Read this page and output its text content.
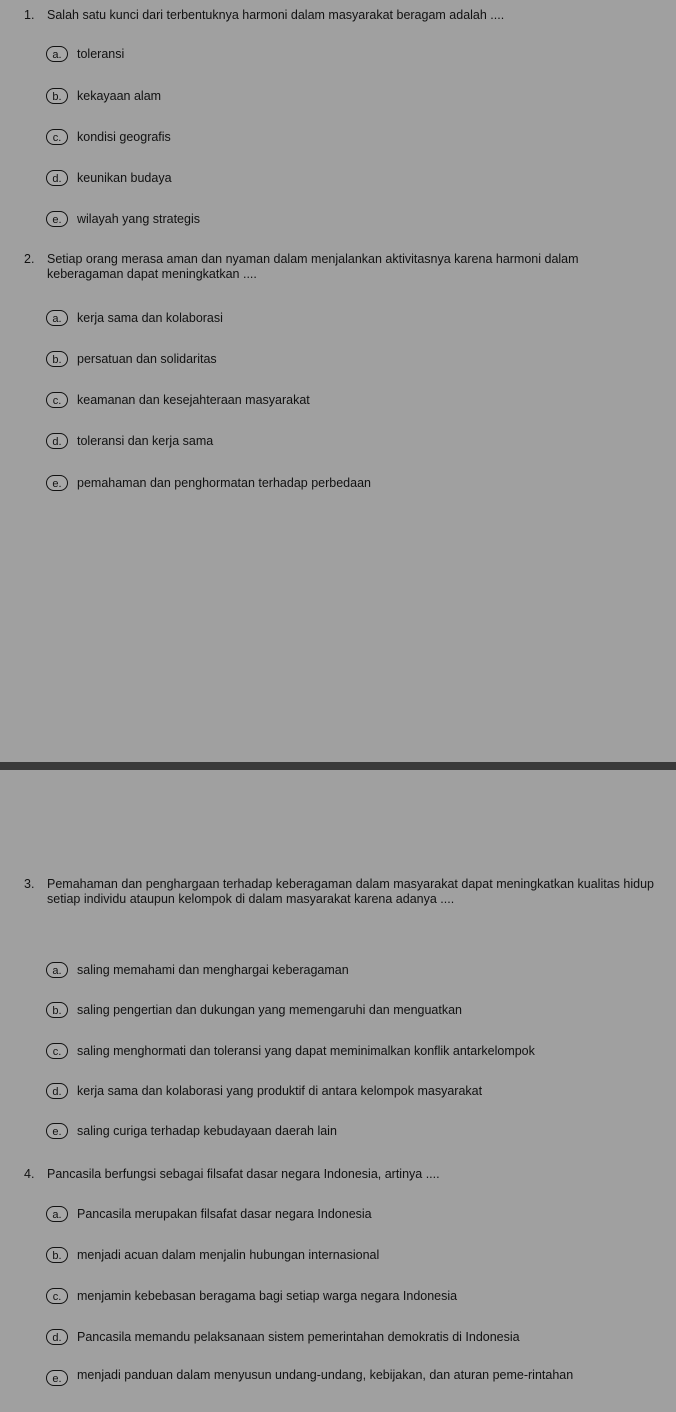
1. Salah satu kunci dari terbentuknya harmoni dalam masyarakat beragam adalah ....
a.	toleransi
b.	kekayaan alam
c.	kondisi geografis
d.	keunikan budaya
e.	wilayah yang strategis
2. Setiap orang merasa aman dan nyaman dalam menjalankan aktivitasnya karena harmoni dalam keberagaman dapat meningkatkan ....
a.	kerja sama dan kolaborasi
b.	persatuan dan solidaritas
c.	keamanan dan kesejahteraan masyarakat
d.	toleransi dan kerja sama
e.	pemahaman dan penghormatan terhadap perbedaan
3. Pemahaman dan penghargaan terhadap keberagaman dalam masyarakat dapat meningkatkan kualitas hidup setiap individu ataupun kelompok di dalam masyarakat karena adanya ....
a.	saling memahami dan menghargai keberagaman
b.	saling pengertian dan dukungan yang memengaruhi dan menguatkan
c.	saling menghormati dan toleransi yang dapat meminimalkan konflik antarkelompok
d.	kerja sama dan kolaborasi yang produktif di antara kelompok masyarakat
e.	saling curiga terhadap kebudayaan daerah lain
4. Pancasila berfungsi sebagai filsafat dasar negara Indonesia, artinya ....
a.	Pancasila merupakan filsafat dasar negara Indonesia
b.	menjadi acuan dalam menjalin hubungan internasional
c.	menjamin kebebasan beragama bagi setiap warga negara Indonesia
d.	Pancasila memandu pelaksanaan sistem pemerintahan demokratis di Indonesia
e.	menjadi panduan dalam menyusun undang-undang, kebijakan, dan aturan peme-rintahan
